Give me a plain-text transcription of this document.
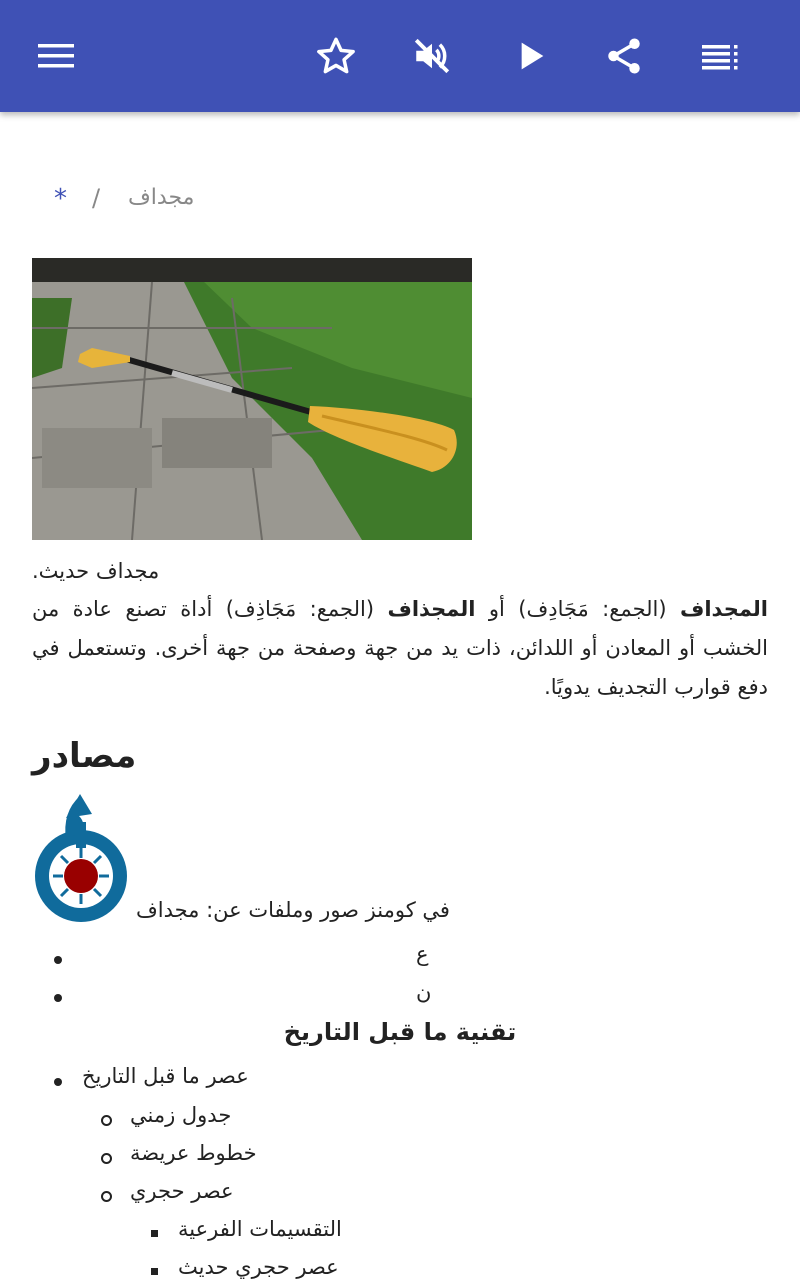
* / مجداف
مجداف حديث.
المجداف (الجمع: مَجَادِف) أو المجذاف (الجمع: مَجَاذِف) أداة تصنع عادة من الخشب أو المعادن أو اللدائن، ذات يد من جهة وصفحة من جهة أخرى. وتستعمل في دفع قوارب التجديف يدويًا.
مصادر
في كومنز صور وملفات عن: مجداف
ع
ن
تقنية ما قبل التاريخ
عصر ما قبل التاريخ
جدول زمني
خطوط عريضة
عصر حجري
التقسيمات الفرعية
عصر حجري حديث
